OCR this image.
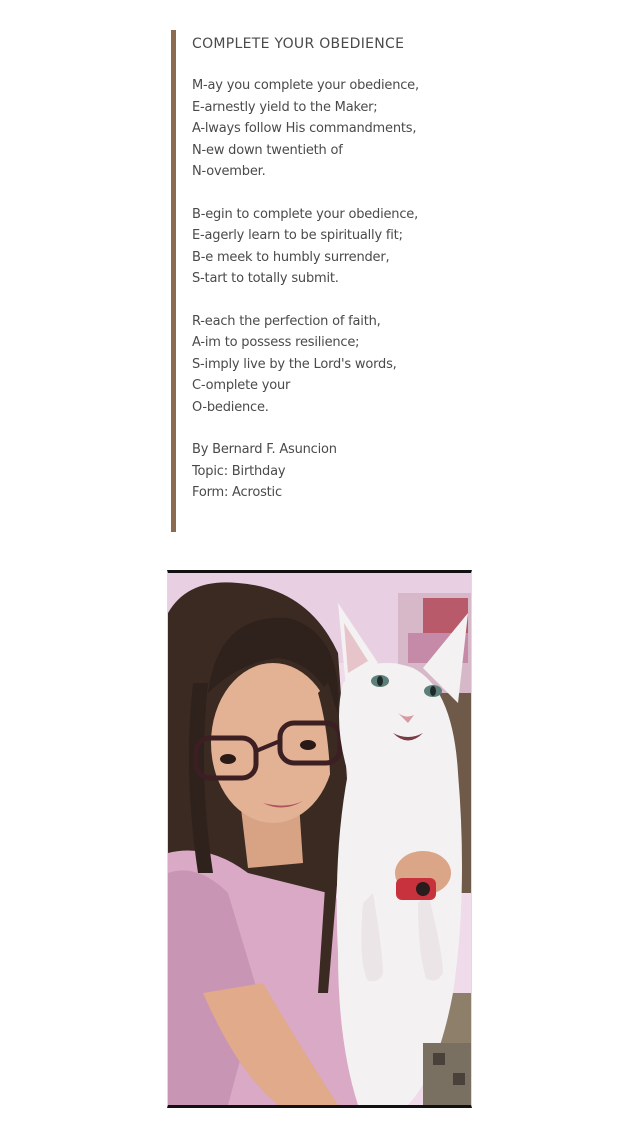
COMPLETE YOUR OBEDIENCE
M-ay you complete your obedience,
E-arnestly yield to the Maker;
A-lways follow His commandments,
N-ew down twentieth of
N-ovember.
B-egin to complete your obedience,
E-agerly learn to be spiritually fit;
B-e meek to humbly surrender,
S-tart to totally submit.
R-each the perfection of faith,
A-im to possess resilience;
S-imply live by the Lord's words,
C-omplete your
O-bedience.
By Bernard F. Asuncion
Topic: Birthday
Form: Acrostic
